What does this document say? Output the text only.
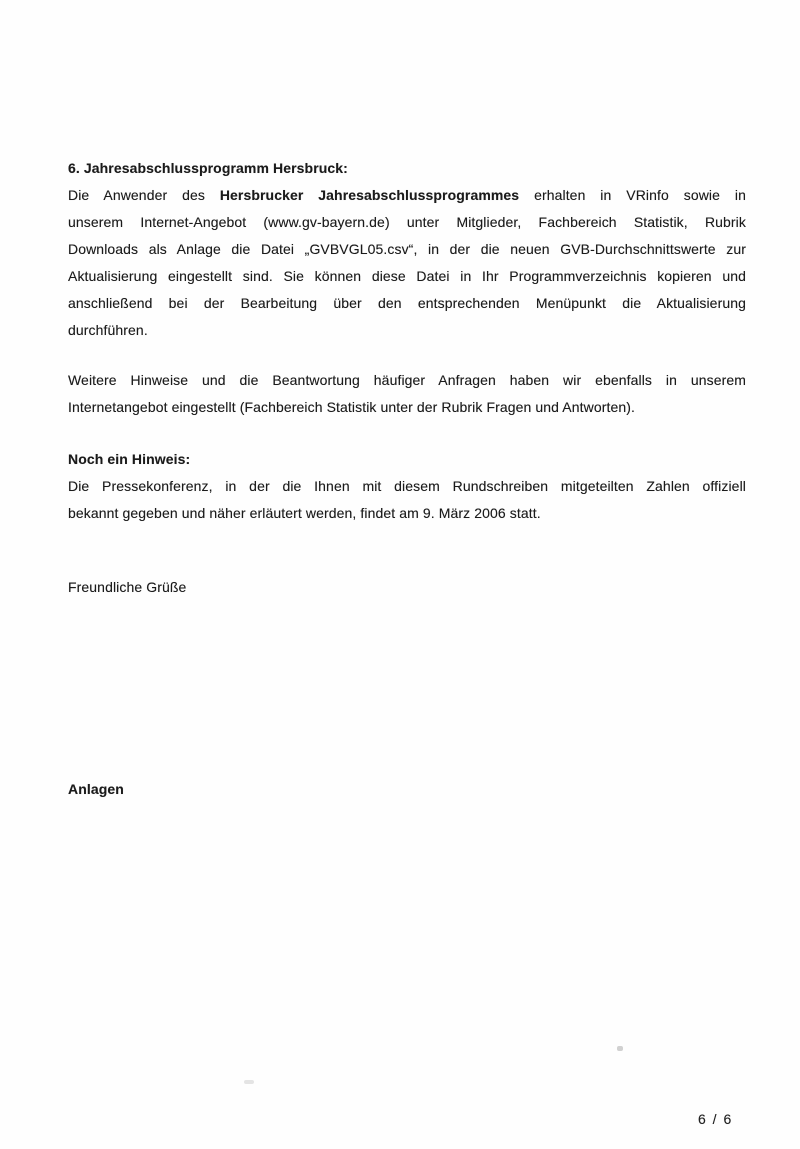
6. Jahresabschlussprogramm Hersbruck:

Die Anwender des Hersbrucker Jahresabschlussprogrammes erhalten in VRinfo sowie in

unserem Internet-Angebot (www.gv-bayern.de) unter Mitglieder, Fachbereich Statistik, Rubrik

Downloads als Anlage die Datei „GVBVGL05.csv“, in der die neuen GVB-Durchschnittswerte zur

Aktualisierung eingestellt sind. Sie können diese Datei in Ihr Programmverzeichnis kopieren und

anschließend bei der Bearbeitung über den entsprechenden Menüpunkt die Aktualisierung

durchführen.

Weitere Hinweise und die Beantwortung häufiger Anfragen haben wir ebenfalls in unserem

Internetangebot eingestellt (Fachbereich Statistik unter der Rubrik Fragen und Antworten).

Noch ein Hinweis:

Die Pressekonferenz, in der die Ihnen mit diesem Rundschreiben mitgeteilten Zahlen offiziell

bekannt gegeben und näher erläutert werden, findet am 9. März 2006 statt.

Freundliche Grüße

Anlagen
6 / 6
